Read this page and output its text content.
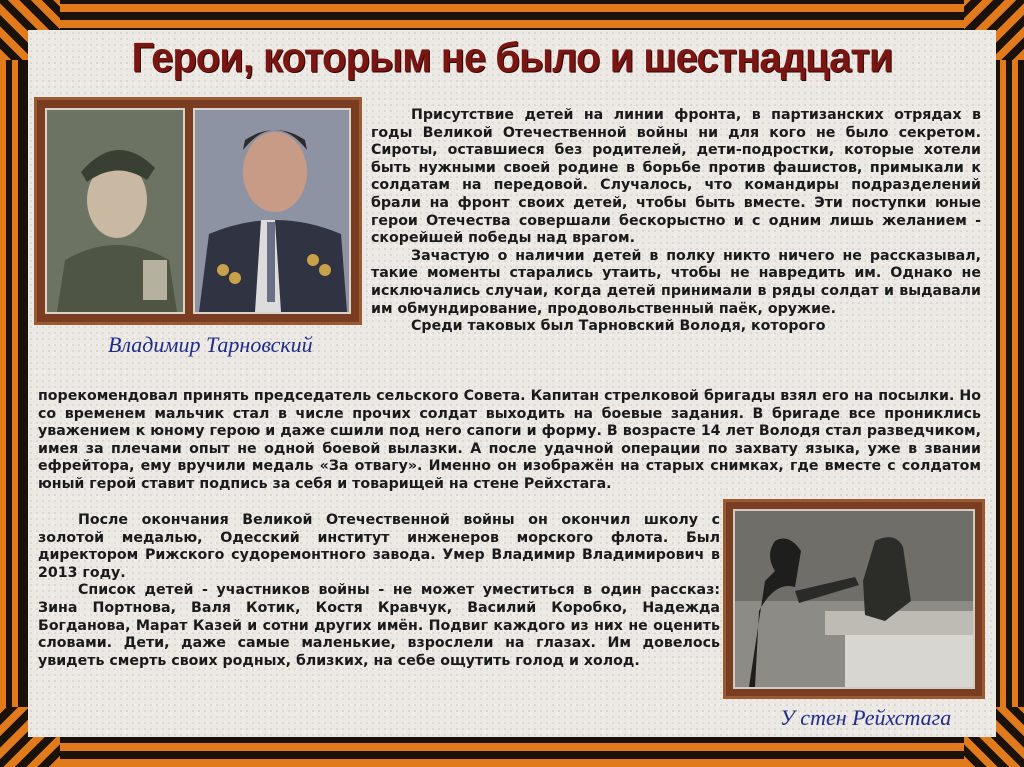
Герои, которым не было и шестнадцати
Владимир Тарновский

Присутствие детей на линии фронта, в партизанских отрядах в годы Великой Отечественной войны ни для кого не было секретом. Сироты, оставшиеся без родителей, дети-подростки, которые хотели быть нужными своей родине в борьбе против фашистов, примыкали к солдатам на передовой. Случалось, что командиры подразделений брали на фронт своих детей, чтобы быть вместе. Эти поступки юные герои Отечества совершали бескорыстно и с одним лишь желанием - скорейшей победы над врагом.

Зачастую о наличии детей в полку никто ничего не рассказывал, такие моменты старались утаить, чтобы не навредить им. Однако не исключались случаи, когда детей принимали в ряды солдат и выдавали им обмундирование, продовольственный паёк, оружие.

Среди таковых был Тарновский Володя, которого

порекомендовал принять председатель сельского Совета. Капитан стрелковой бригады взял его на посылки. Но со временем мальчик стал в числе прочих солдат выходить на боевые задания. В бригаде все прониклись уважением к юному герою и даже сшили под него сапоги и форму. В возрасте 14 лет Володя стал разведчиком, имея за плечами опыт не одной боевой вылазки. А после удачной операции по захвату языка, уже в звании ефрейтора, ему вручили медаль «За отвагу». Именно он изображён на старых снимках, где вместе с солдатом юный герой ставит подпись за себя и товарищей на стене Рейхстага.

После окончания Великой Отечественной войны он окончил школу с золотой медалью, Одесский институт инженеров морского флота. Был директором Рижского судоремонтного завода. Умер Владимир Владимирович в 2013 году.

Список детей - участников войны - не может уместиться в один рассказ: Зина Портнова, Валя Котик, Костя Кравчук, Василий Коробко, Надежда Богданова, Марат Казей и сотни других имён. Подвиг каждого из них не оценить словами. Дети, даже самые маленькие, взрослели на глазах. Им довелось увидеть смерть своих родных, близких, на себе ощутить голод и холод.

У стен Рейхстага
